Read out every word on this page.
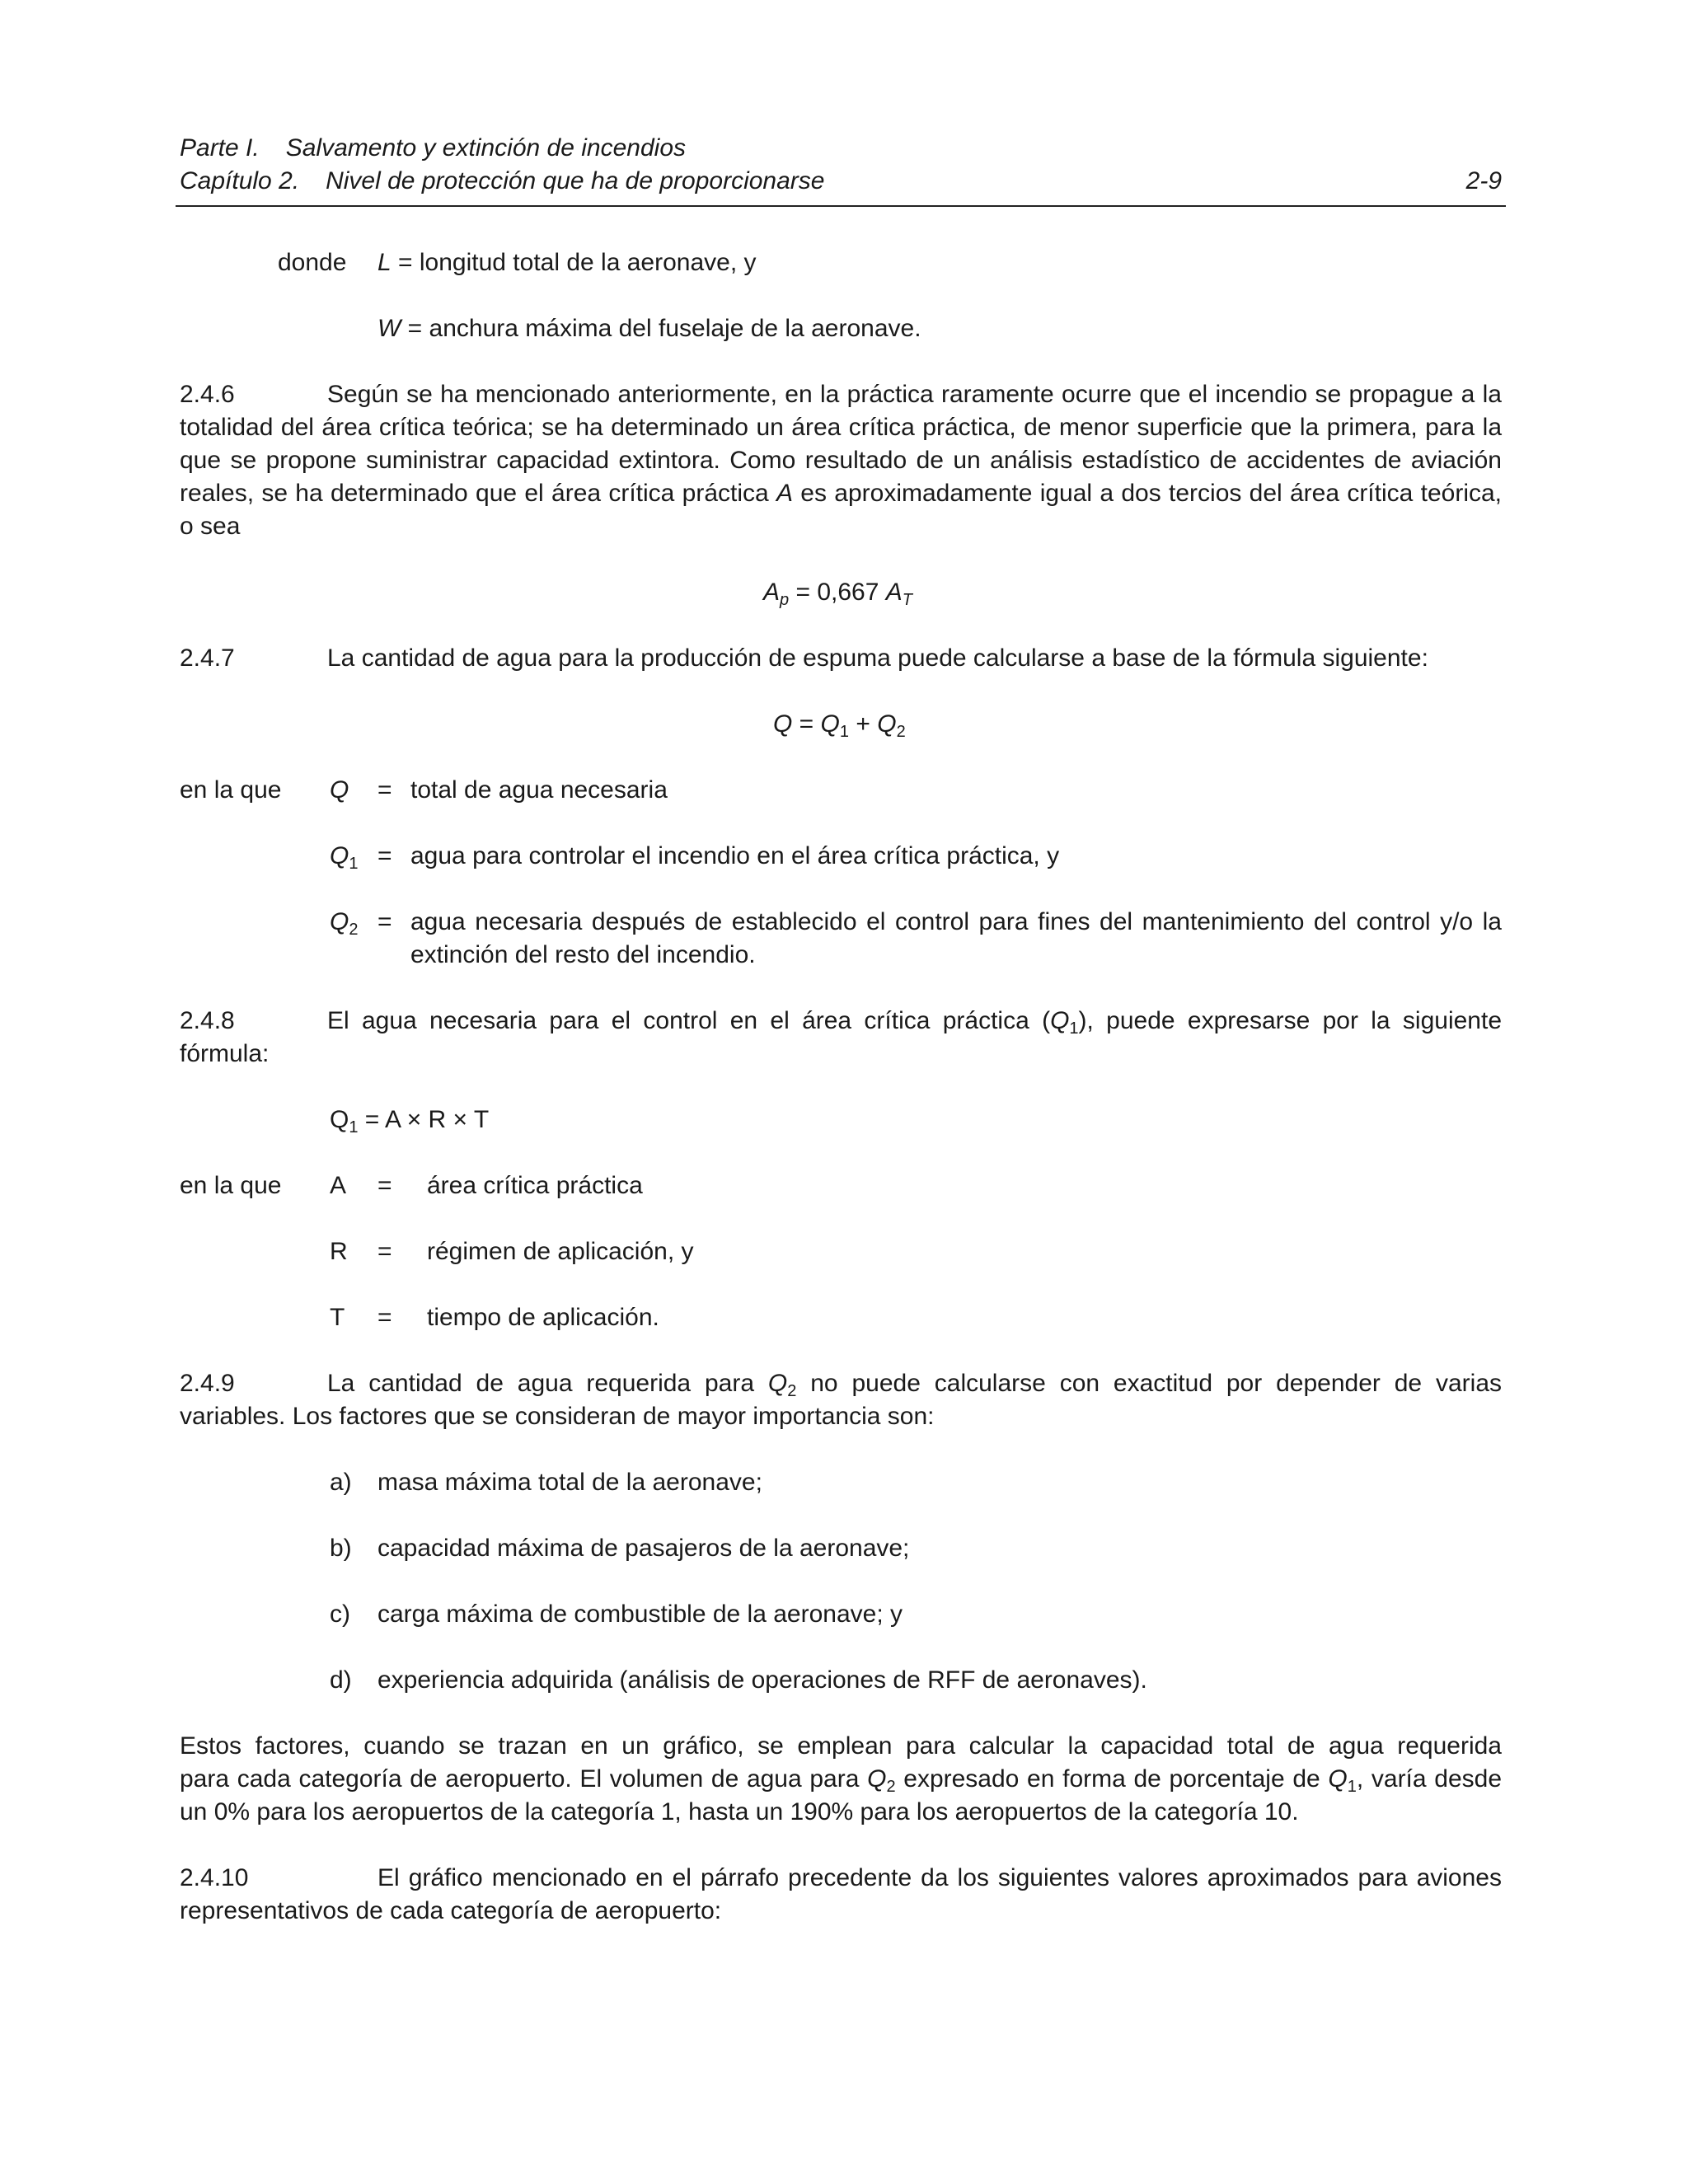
Parte I. Salvamento y extinción de incendios
Capítulo 2. Nivel de protección que ha de proporcionarse	2-9
donde L = longitud total de la aeronave, y
W = anchura máxima del fuselaje de la aeronave.
2.4.6	Según se ha mencionado anteriormente, en la práctica raramente ocurre que el incendio se propague a la
totalidad del área crítica teórica; se ha determinado un área crítica práctica, de menor superficie que la primera, para la
que se propone suministrar capacidad extintora. Como resultado de un análisis estadístico de accidentes de aviación
reales, se ha determinado que el área crítica práctica A es aproximadamente igual a dos tercios del área crítica teórica,
o sea
$A_p = 0,667$ $A_T$
2.4.7	La cantidad de agua para la producción de espuma puede calcularse a base de la fórmula siguiente:
$Q = Q_1 + Q_2$
en la que Q = total de agua necesaria
$Q_1$ = agua para controlar el incendio en el área crítica práctica, y
$Q_2$ = agua necesaria después de establecido el control para fines del mantenimiento del control y/o la
extinción del resto del incendio.
2.4.8	El agua necesaria para el control en el área crítica práctica $(Q_1)$, puede expresarse por la siguiente
fórmula:
$Q_1 = A \times R \times T$
en la que A = área crítica práctica
R = régimen de aplicación, y
T = tiempo de aplicación.
2.4.9	La cantidad de agua requerida para $Q_2$ no puede calcularse con exactitud por depender de varias
variables. Los factores que se consideran de mayor importancia son:
a) masa máxima total de la aeronave;
b) capacidad máxima de pasajeros de la aeronave;
c) carga máxima de combustible de la aeronave; y
d) experiencia adquirida (análisis de operaciones de RFF de aeronaves).
Estos factores, cuando se trazan en un gráfico, se emplean para calcular la capacidad total de agua requerida
para cada categoría de aeropuerto. El volumen de agua para $Q_2$ expresado en forma de porcentaje de $Q_1$, varía desde
un 0% para los aeropuertos de la categoría 1, hasta un 190% para los aeropuertos de la categoría 10.
2.4.10	El gráfico mencionado en el párrafo precedente da los siguientes valores aproximados para aviones
representativos de cada categoría de aeropuerto:
